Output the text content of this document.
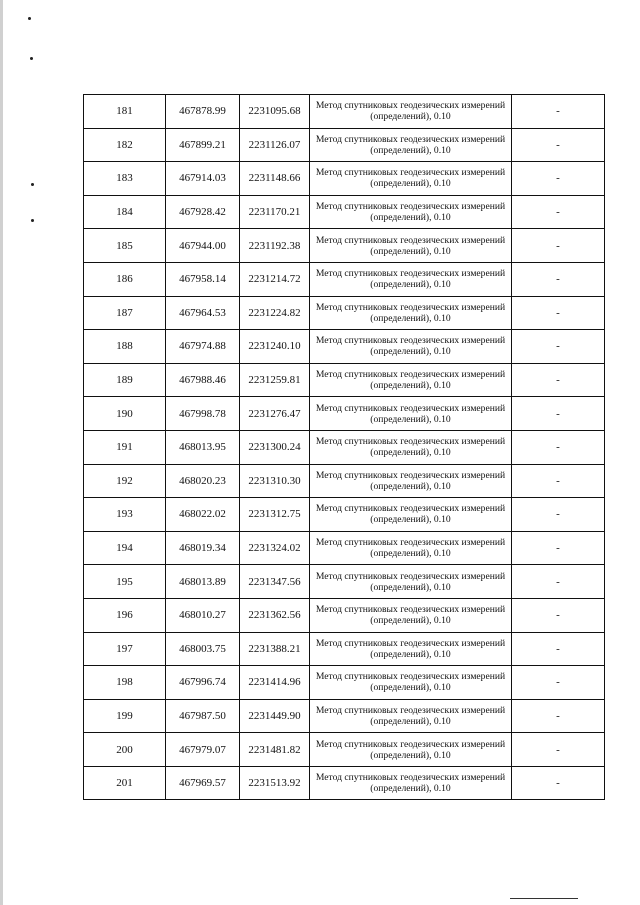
181	467878.99	2231095.68	Метод спутниковых геодезических измерений (определений), 0.10	-
182	467899.21	2231126.07	Метод спутниковых геодезических измерений (определений), 0.10	-
183	467914.03	2231148.66	Метод спутниковых геодезических измерений (определений), 0.10	-
184	467928.42	2231170.21	Метод спутниковых геодезических измерений (определений), 0.10	-
185	467944.00	2231192.38	Метод спутниковых геодезических измерений (определений), 0.10	-
186	467958.14	2231214.72	Метод спутниковых геодезических измерений (определений), 0.10	-
187	467964.53	2231224.82	Метод спутниковых геодезических измерений (определений), 0.10	-
188	467974.88	2231240.10	Метод спутниковых геодезических измерений (определений), 0.10	-
189	467988.46	2231259.81	Метод спутниковых геодезических измерений (определений), 0.10	-
190	467998.78	2231276.47	Метод спутниковых геодезических измерений (определений), 0.10	-
191	468013.95	2231300.24	Метод спутниковых геодезических измерений (определений), 0.10	-
192	468020.23	2231310.30	Метод спутниковых геодезических измерений (определений), 0.10	-
193	468022.02	2231312.75	Метод спутниковых геодезических измерений (определений), 0.10	-
194	468019.34	2231324.02	Метод спутниковых геодезических измерений (определений), 0.10	-
195	468013.89	2231347.56	Метод спутниковых геодезических измерений (определений), 0.10	-
196	468010.27	2231362.56	Метод спутниковых геодезических измерений (определений), 0.10	-
197	468003.75	2231388.21	Метод спутниковых геодезических измерений (определений), 0.10	-
198	467996.74	2231414.96	Метод спутниковых геодезических измерений (определений), 0.10	-
199	467987.50	2231449.90	Метод спутниковых геодезических измерений (определений), 0.10	-
200	467979.07	2231481.82	Метод спутниковых геодезических измерений (определений), 0.10	-
201	467969.57	2231513.92	Метод спутниковых геодезических измерений (определений), 0.10	-
